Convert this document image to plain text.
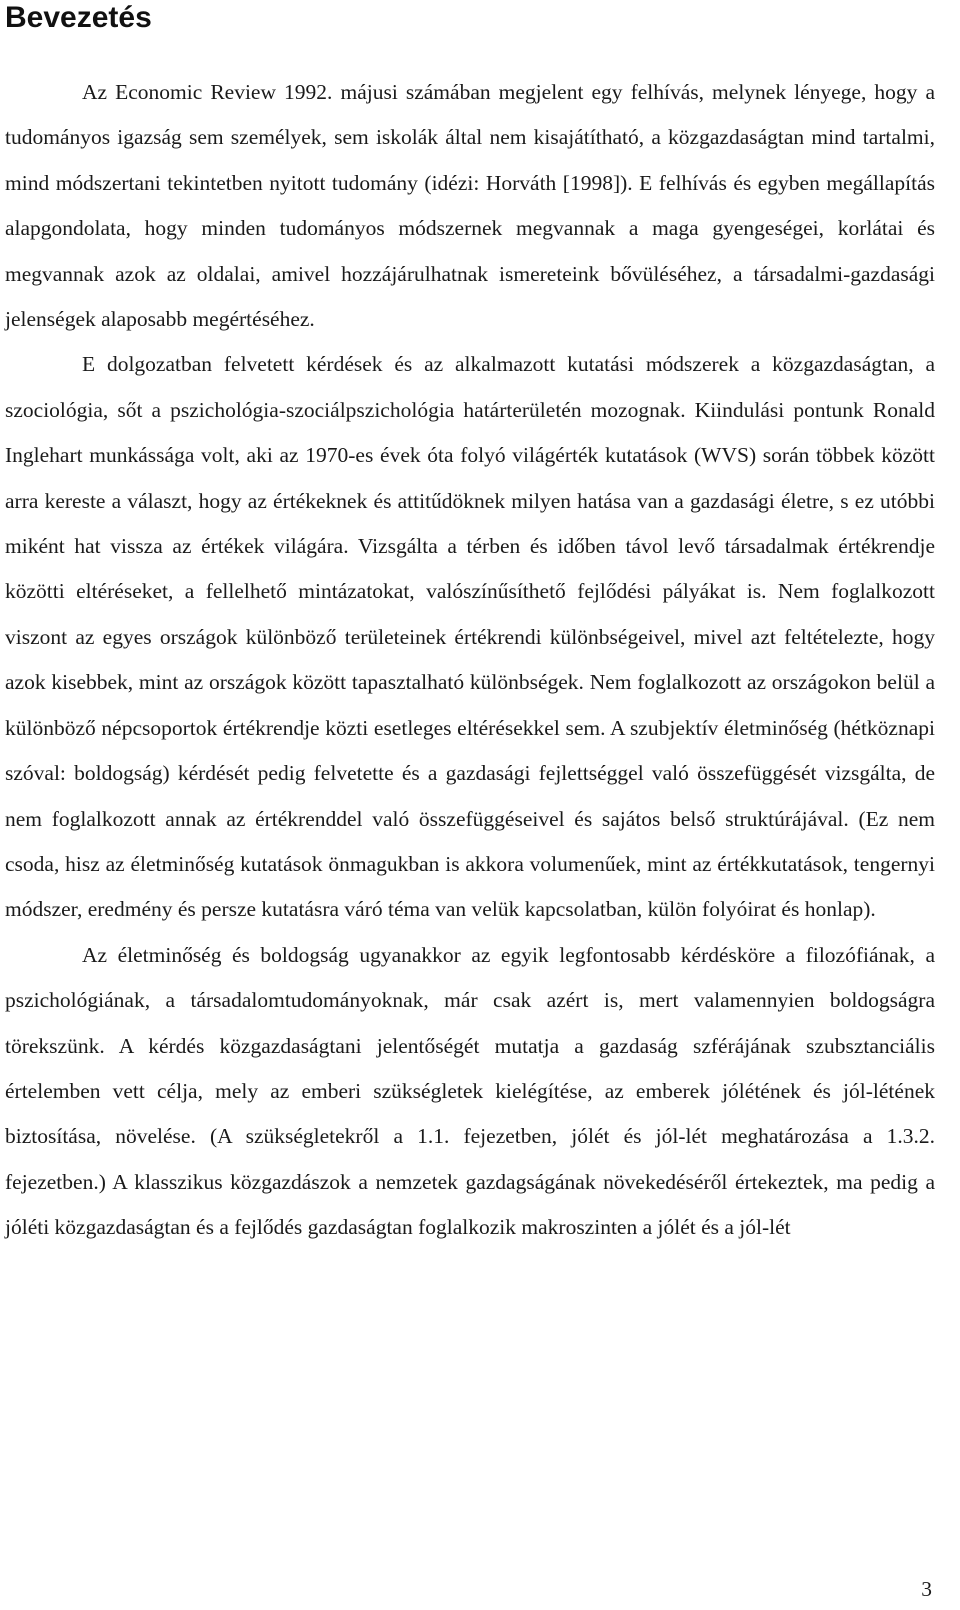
Bevezetés

Az Economic Review 1992. májusi számában megjelent egy felhívás, melynek lényege, hogy a tudományos igazság sem személyek, sem iskolák által nem kisajátítható, a közgazdaságtan mind tartalmi, mind módszertani tekintetben nyitott tudomány (idézi: Horváth [1998]). E felhívás és egyben megállapítás alapgondolata, hogy minden tudományos módszernek megvannak a maga gyengeségei, korlátai és megvannak azok az oldalai, amivel hozzájárulhatnak ismereteink bővüléséhez, a társadalmi-gazdasági jelenségek alaposabb megértéséhez.

E dolgozatban felvetett kérdések és az alkalmazott kutatási módszerek a közgazdaságtan, a szociológia, sőt a pszichológia-szociálpszichológia határterületén mozognak. Kiindulási pontunk Ronald Inglehart munkássága volt, aki az 1970-es évek óta folyó világérték kutatások (WVS) során többek között arra kereste a választ, hogy az értékeknek és attitűdöknek milyen hatása van a gazdasági életre, s ez utóbbi miként hat vissza az értékek világára. Vizsgálta a térben és időben távol levő társadalmak értékrendje közötti eltéréseket, a fellelhető mintázatokat, valószínűsíthető fejlődési pályákat is. Nem foglalkozott viszont az egyes országok különböző területeinek értékrendi különbségeivel, mivel azt feltételezte, hogy azok kisebbek, mint az országok között tapasztalható különbségek. Nem foglalkozott az országokon belül a különböző népcsoportok értékrendje közti esetleges eltérésekkel sem. A szubjektív életminőség (hétköznapi szóval: boldogság) kérdését pedig felvetette és a gazdasági fejlettséggel való összefüggését vizsgálta, de nem foglalkozott annak az értékrenddel való összefüggéseivel és sajátos belső struktúrájával. (Ez nem csoda, hisz az életminőség kutatások önmagukban is akkora volumenűek, mint az értékkutatások, tengernyi módszer, eredmény és persze kutatásra váró téma van velük kapcsolatban, külön folyóirat és honlap).

Az életminőség és boldogság ugyanakkor az egyik legfontosabb kérdésköre a filozófiának, a pszichológiának, a társadalomtudományoknak, már csak azért is, mert valamennyien boldogságra törekszünk. A kérdés közgazdaságtani jelentőségét mutatja a gazdaság szférájának szubsztanciális értelemben vett célja, mely az emberi szükségletek kielégítése, az emberek jólétének és jól-létének biztosítása, növelése. (A szükségletekről a 1.1. fejezetben, jólét és jól-lét meghatározása a 1.3.2. fejezetben.) A klasszikus közgazdászok a nemzetek gazdagságának növekedéséről értekeztek, ma pedig a jóléti közgazdaságtan és a fejlődés gazdaságtan foglalkozik makroszinten a jólét és a jól-lét

3
